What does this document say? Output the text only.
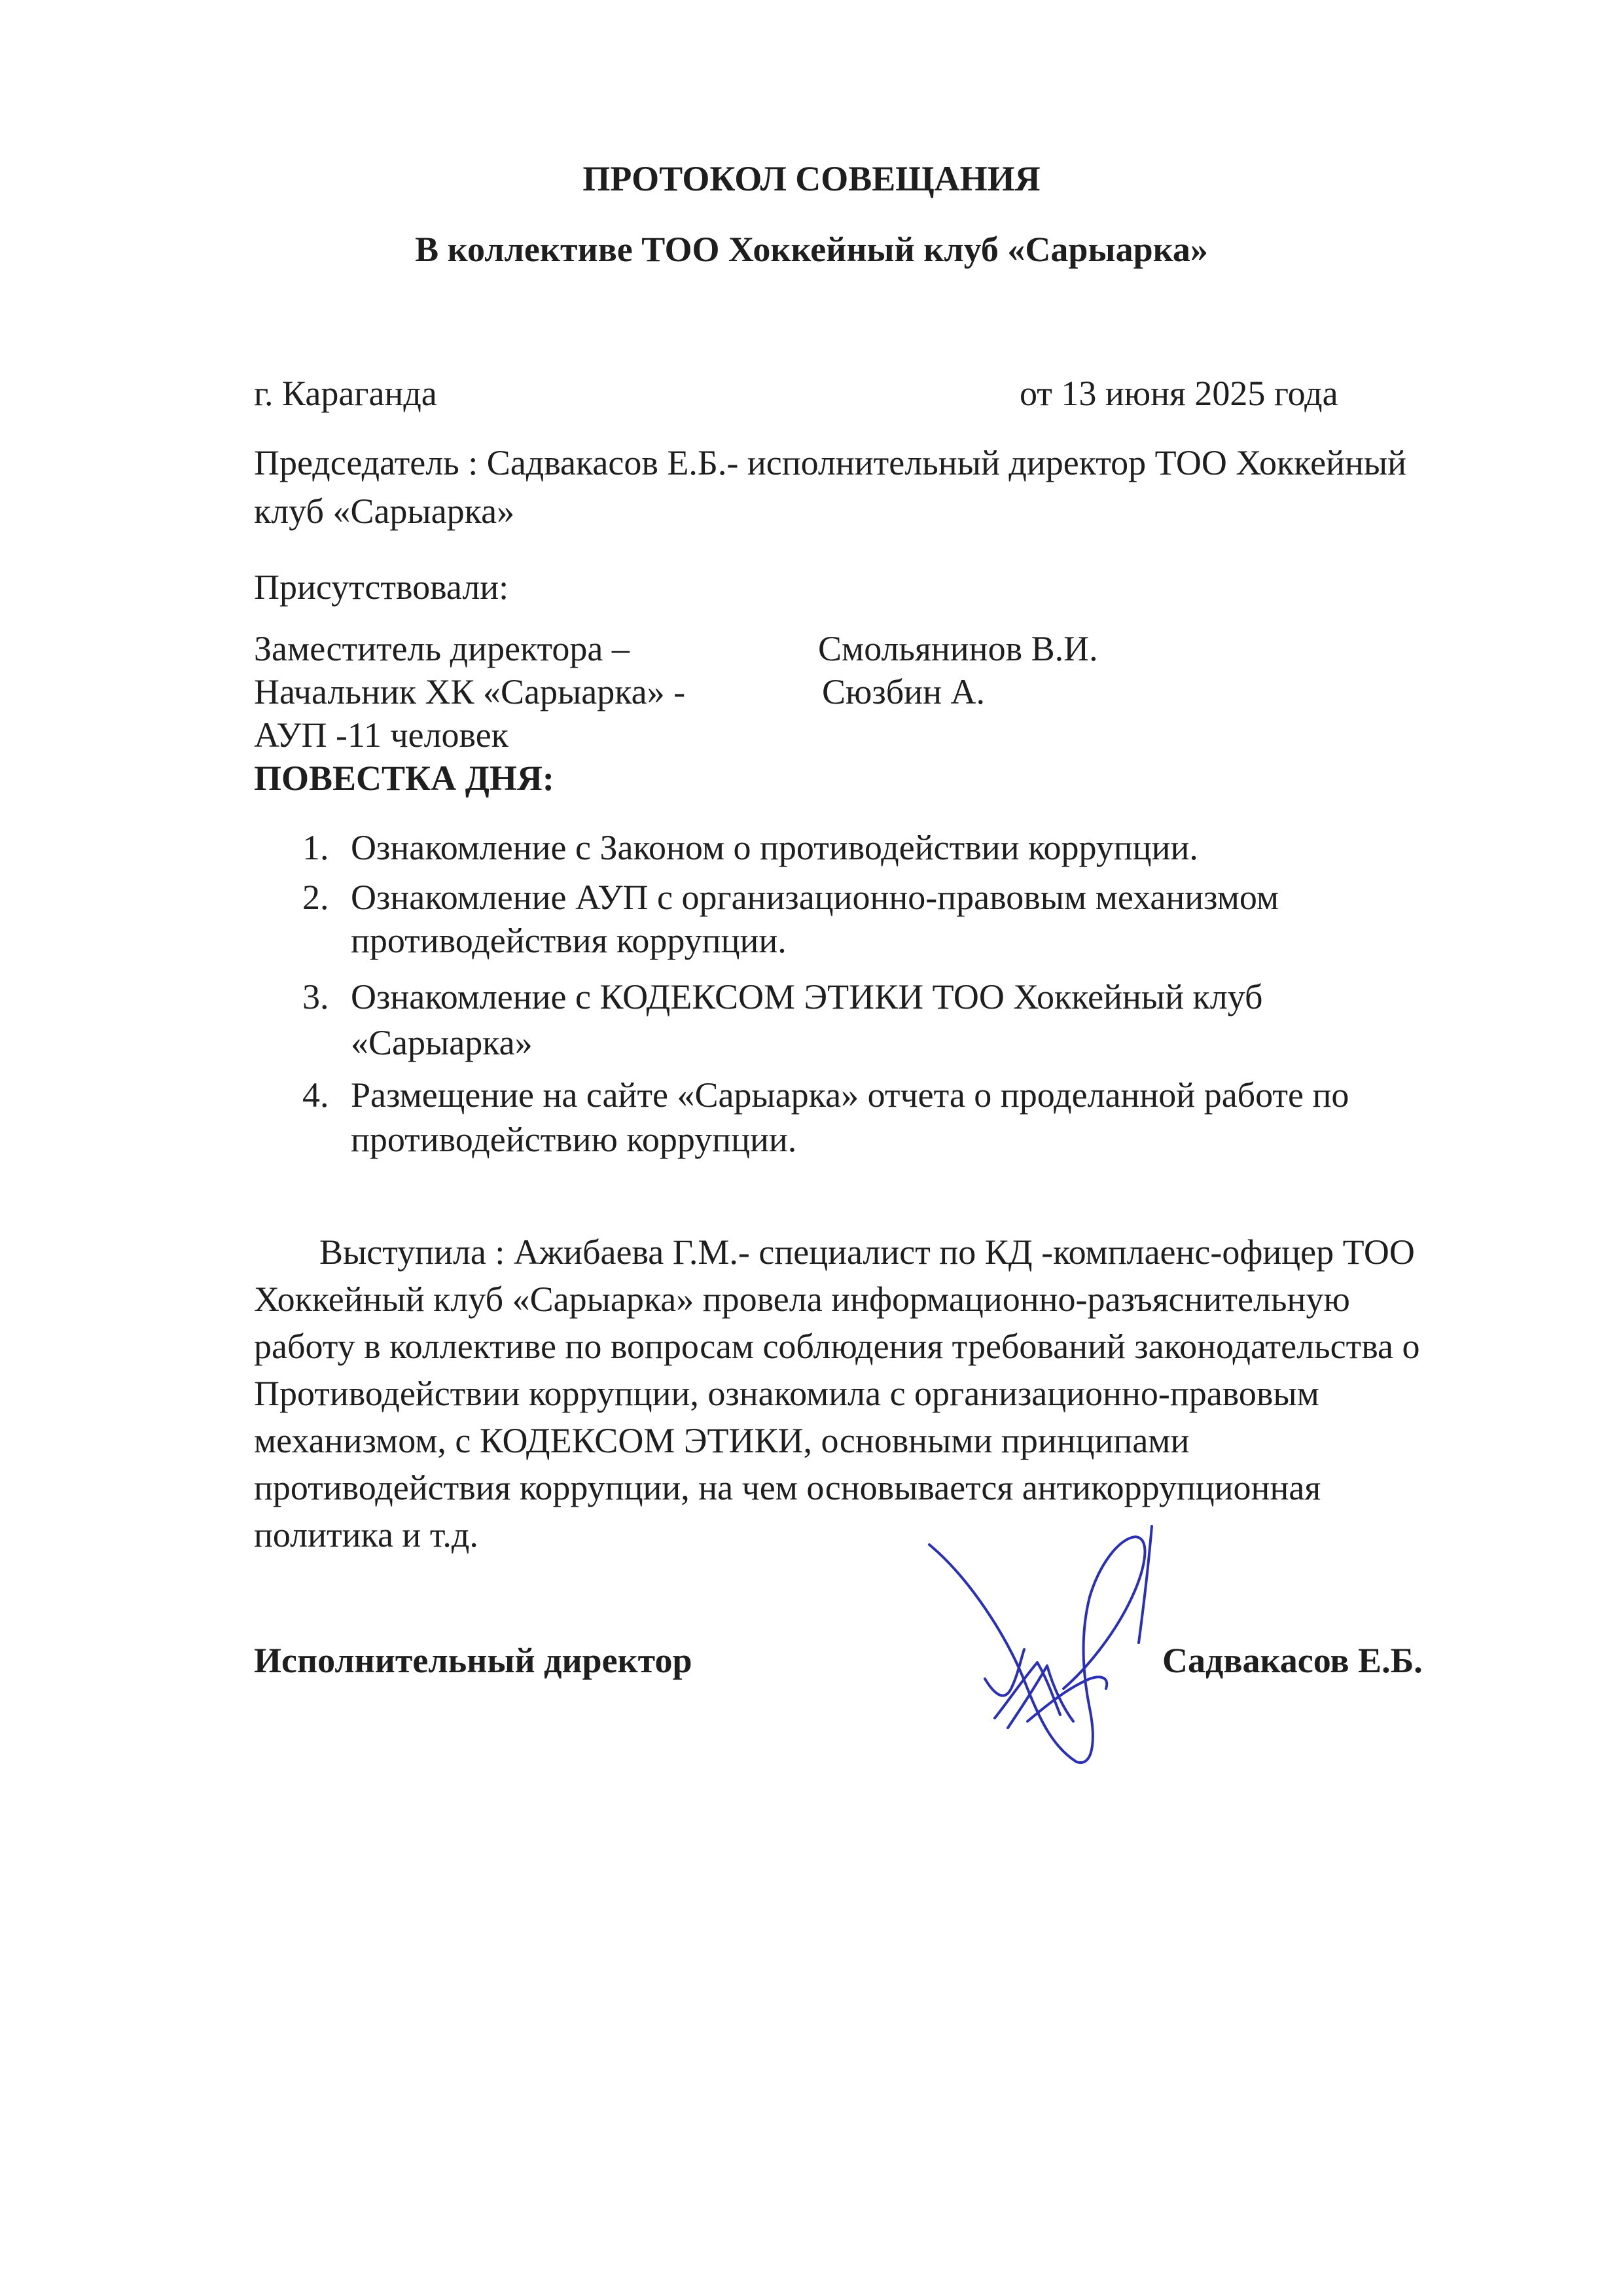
ПРОТОКОЛ СОВЕЩАНИЯ
В коллективе ТОО Хоккейный клуб «Сарыарка»
г. Караганда	от 13 июня 2025 года
Председатель : Садвакасов Е.Б.- исполнительный директор ТОО Хоккейный
клуб «Сарыарка»
Присутствовали:
Заместитель директора –	Смольянинов В.И.
Начальник ХК «Сарыарка» -	Сюзбин А.
АУП -11 человек
ПОВЕСТКА ДНЯ:
1. Ознакомление с Законом о противодействии коррупции.
2. Ознакомление АУП с организационно-правовым механизмом
противодействия коррупции.
3. Ознакомление с КОДЕКСОМ ЭТИКИ ТОО Хоккейный клуб
«Сарыарка»
4. Размещение на сайте «Сарыарка» отчета о проделанной работе по
противодействию коррупции.
Выступила : Ажибаева Г.М.- специалист по КД -комплаенс-офицер ТОО
Хоккейный клуб «Сарыарка» провела информационно-разъяснительную
работу в коллективе по вопросам соблюдения требований законодательства о
Противодействии коррупции, ознакомила с организационно-правовым
механизмом, с КОДЕКСОМ ЭТИКИ, основными принципами
противодействия коррупции, на чем основывается антикоррупционная
политика и т.д.
Исполнительный директор	Садвакасов Е.Б.
